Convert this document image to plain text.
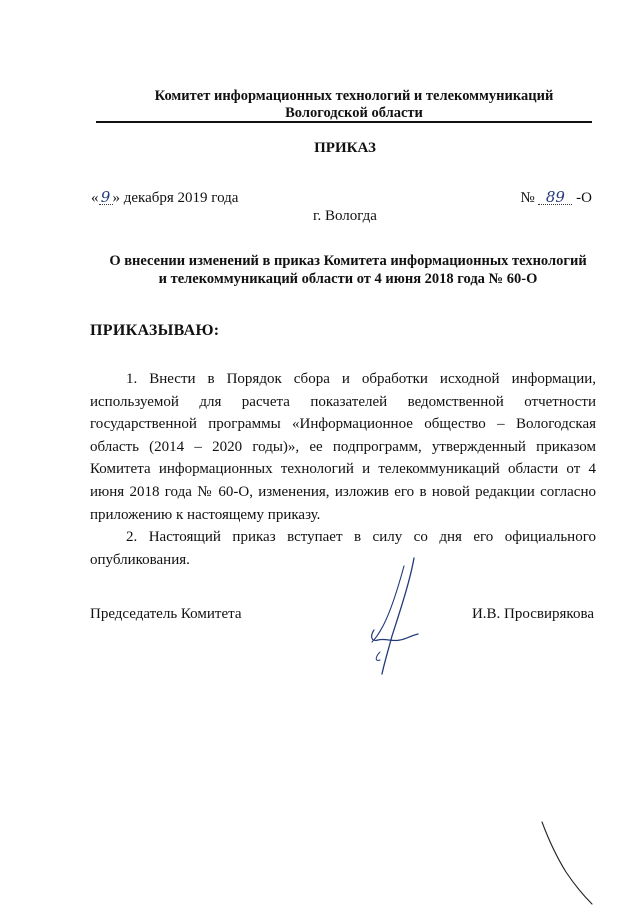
Комитет информационных технологий и телекоммуникаций
Вологодской области
ПРИКАЗ
« 9 » декабря 2019 года	№ 89 -О
г. Вологда
О внесении изменений в приказ Комитета информационных технологий
и телекоммуникаций области от 4 июня 2018 года № 60-О
ПРИКАЗЫВАЮ:

1. Внести в Порядок сбора и обработки исходной информации, используемой для расчета показателей ведомственной отчетности государственной программы «Информационное общество – Вологодская область (2014 – 2020 годы)», ее подпрограмм, утвержденный приказом Комитета информационных технологий и телекоммуникаций области от 4 июня 2018 года № 60-О, изменения, изложив его в новой редакции согласно приложению к настоящему приказу.

2. Настоящий приказ вступает в силу со дня его официального опубликования.

Председатель Комитета	И.В. Просвирякова
